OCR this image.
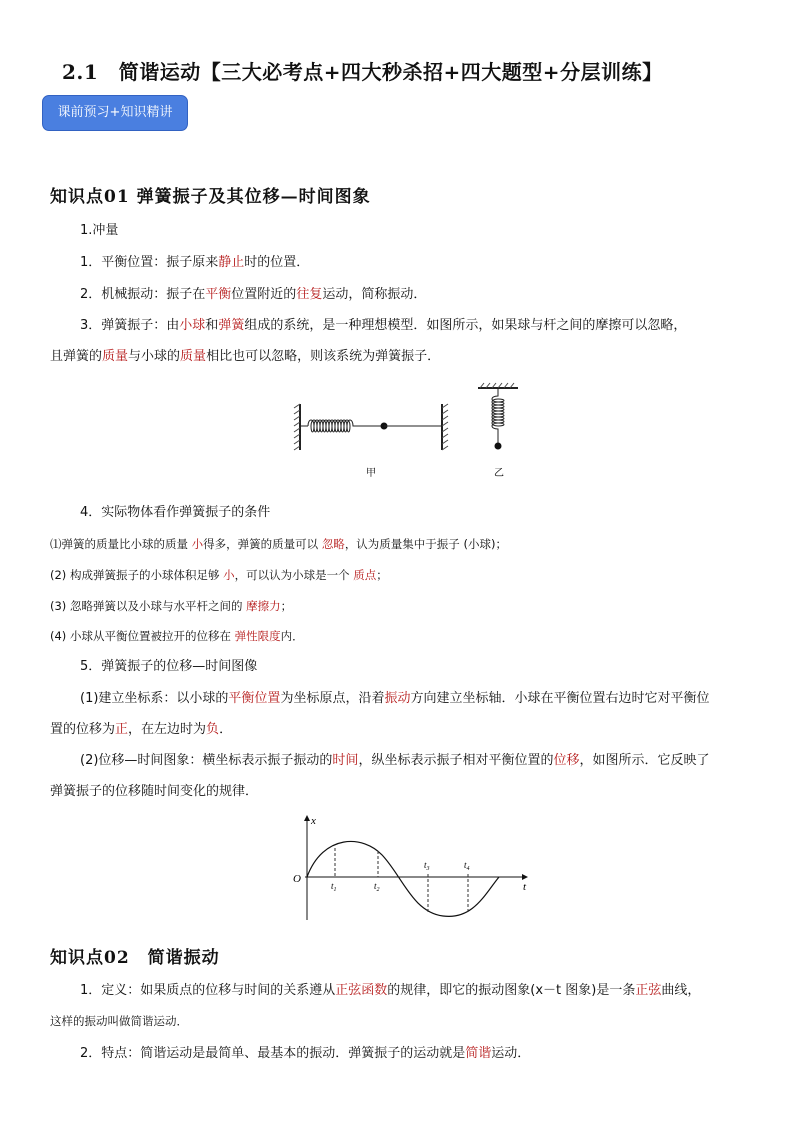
2.1　简谐运动【三大必考点+四大秒杀招+四大题型+分层训练】
课前预习+知识精讲
知识点01 弹簧振子及其位移—时间图象
1.冲量
1．平衡位置：振子原来静止时的位置．
2．机械振动：振子在平衡位置附近的往复运动，简称振动．
3．弹簧振子：由小球和弹簧组成的系统，是一种理想模型．如图所示，如果球与杆之间的摩擦可以忽略，
且弹簧的质量与小球的质量相比也可以忽略，则该系统为弹簧振子．
甲	乙
4．实际物体看作弹簧振子的条件
⑴弹簧的质量比小球的质量 小得多，弹簧的质量可以 忽略，认为质量集中于振子 (小球)；
(2) 构成弹簧振子的小球体积足够 小，可以认为小球是一个 质点；
(3) 忽略弹簧以及小球与水平杆之间的 摩擦力；
(4) 小球从平衡位置被拉开的位移在 弹性限度内．
5．弹簧振子的位移—时间图像
(1)建立坐标系：以小球的平衡位置为坐标原点，沿着振动方向建立坐标轴．小球在平衡位置右边时它对平衡位
置的位移为正，在左边时为负．
(2)位移—时间图象：横坐标表示振子振动的时间，纵坐标表示振子相对平衡位置的位移，如图所示．它反映了
弹簧振子的位移随时间变化的规律．
x
t
O
$t_1$	$t_2$
$t_3$	$t_4$
知识点02　简谐振动
1．定义：如果质点的位移与时间的关系遵从正弦函数的规律，即它的振动图象(x－t 图象)是一条正弦曲线，
这样的振动叫做简谐运动．
2．特点：简谐运动是最简单、最基本的振动．弹簧振子的运动就是简谐运动．
